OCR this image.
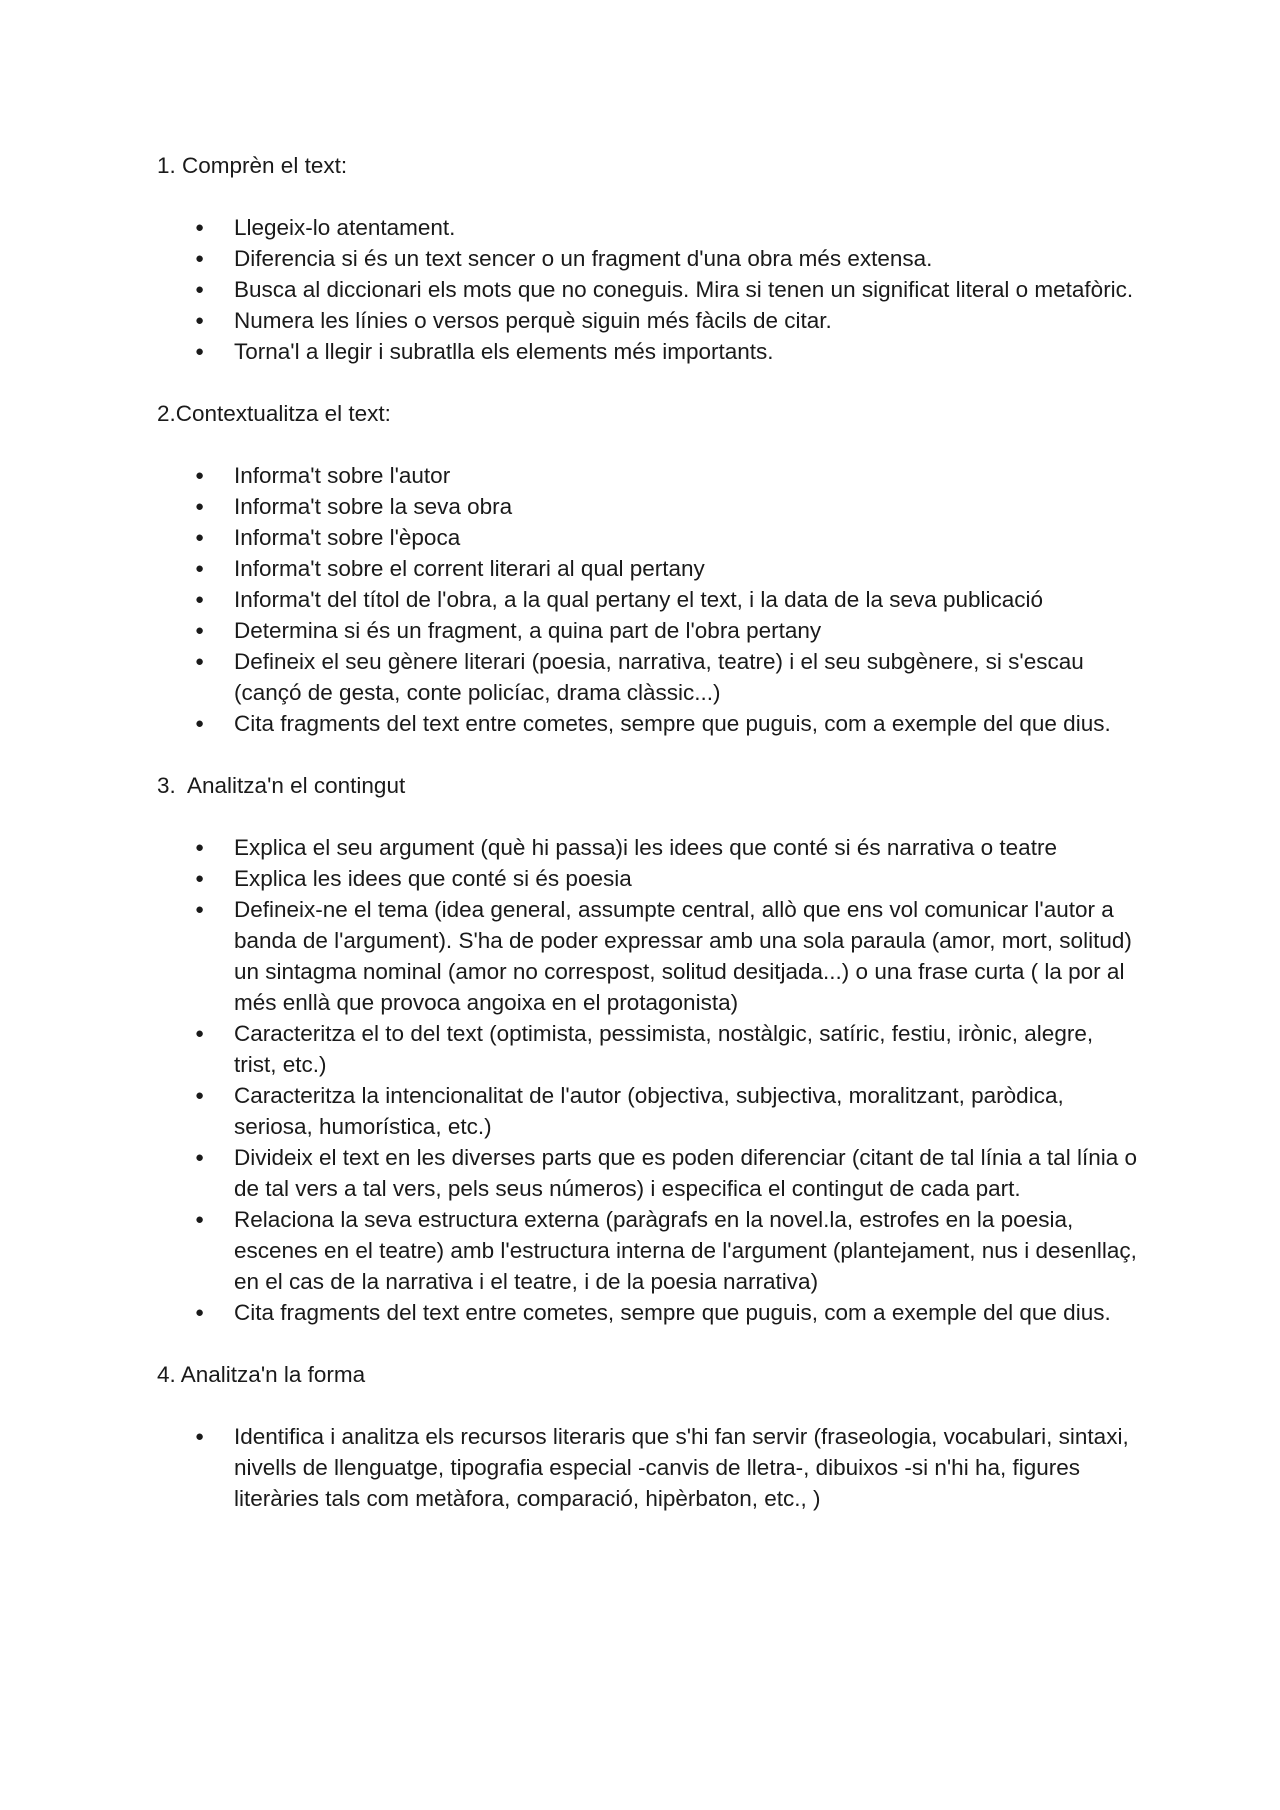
1. Comprèn el text:
● Llegeix-lo atentament.
● Diferencia si és un text sencer o un fragment d'una obra més extensa.
● Busca al diccionari els mots que no coneguis. Mira si tenen un significat literal o metafòric.
● Numera les línies o versos perquè siguin més fàcils de citar.
● Torna'l a llegir i subratlla els elements més importants.
2.Contextualitza el text:
● Informa't sobre l'autor
● Informa't sobre la seva obra
● Informa't sobre l'època
● Informa't sobre el corrent literari al qual pertany
● Informa't del títol de l'obra, a la qual pertany el text, i la data de la seva publicació
● Determina si és un fragment, a quina part de l'obra pertany
● Defineix el seu gènere literari (poesia, narrativa, teatre) i el seu subgènere, si s'escau (cançó de gesta, conte policíac, drama clàssic...)
● Cita fragments del text entre cometes, sempre que puguis, com a exemple del que dius.
3.  Analitza'n el contingut
● Explica el seu argument (què hi passa)i les idees que conté si és narrativa o teatre
● Explica les idees que conté si és poesia
● Defineix-ne el tema (idea general, assumpte central, allò que ens vol comunicar l'autor a banda de l'argument). S'ha de poder expressar amb una sola paraula (amor, mort, solitud) un sintagma nominal (amor no correspost, solitud desitjada...) o una frase curta ( la por al més enllà que provoca angoixa en el protagonista)
● Caracteritza el to del text (optimista, pessimista, nostàlgic, satíric, festiu, irònic, alegre, trist, etc.)
● Caracteritza la intencionalitat de l'autor (objectiva, subjectiva, moralitzant, paròdica, seriosa, humorística, etc.)
● Divideix el text en les diverses parts que es poden diferenciar (citant de tal línia a tal línia o de tal vers a tal vers, pels seus números) i especifica el contingut de cada part.
● Relaciona la seva estructura externa (paràgrafs en la novel.la, estrofes en la poesia, escenes en el teatre) amb l'estructura interna de l'argument (plantejament, nus i desenllaç, en el cas de la narrativa i el teatre, i de la poesia narrativa)
● Cita fragments del text entre cometes, sempre que puguis, com a exemple del que dius.
4. Analitza'n la forma
● Identifica i analitza els recursos literaris que s'hi fan servir (fraseologia, vocabulari, sintaxi, nivells de llenguatge, tipografia especial -canvis de lletra-, dibuixos -si n'hi ha, figures literàries tals com metàfora, comparació, hipèrbaton, etc., )
